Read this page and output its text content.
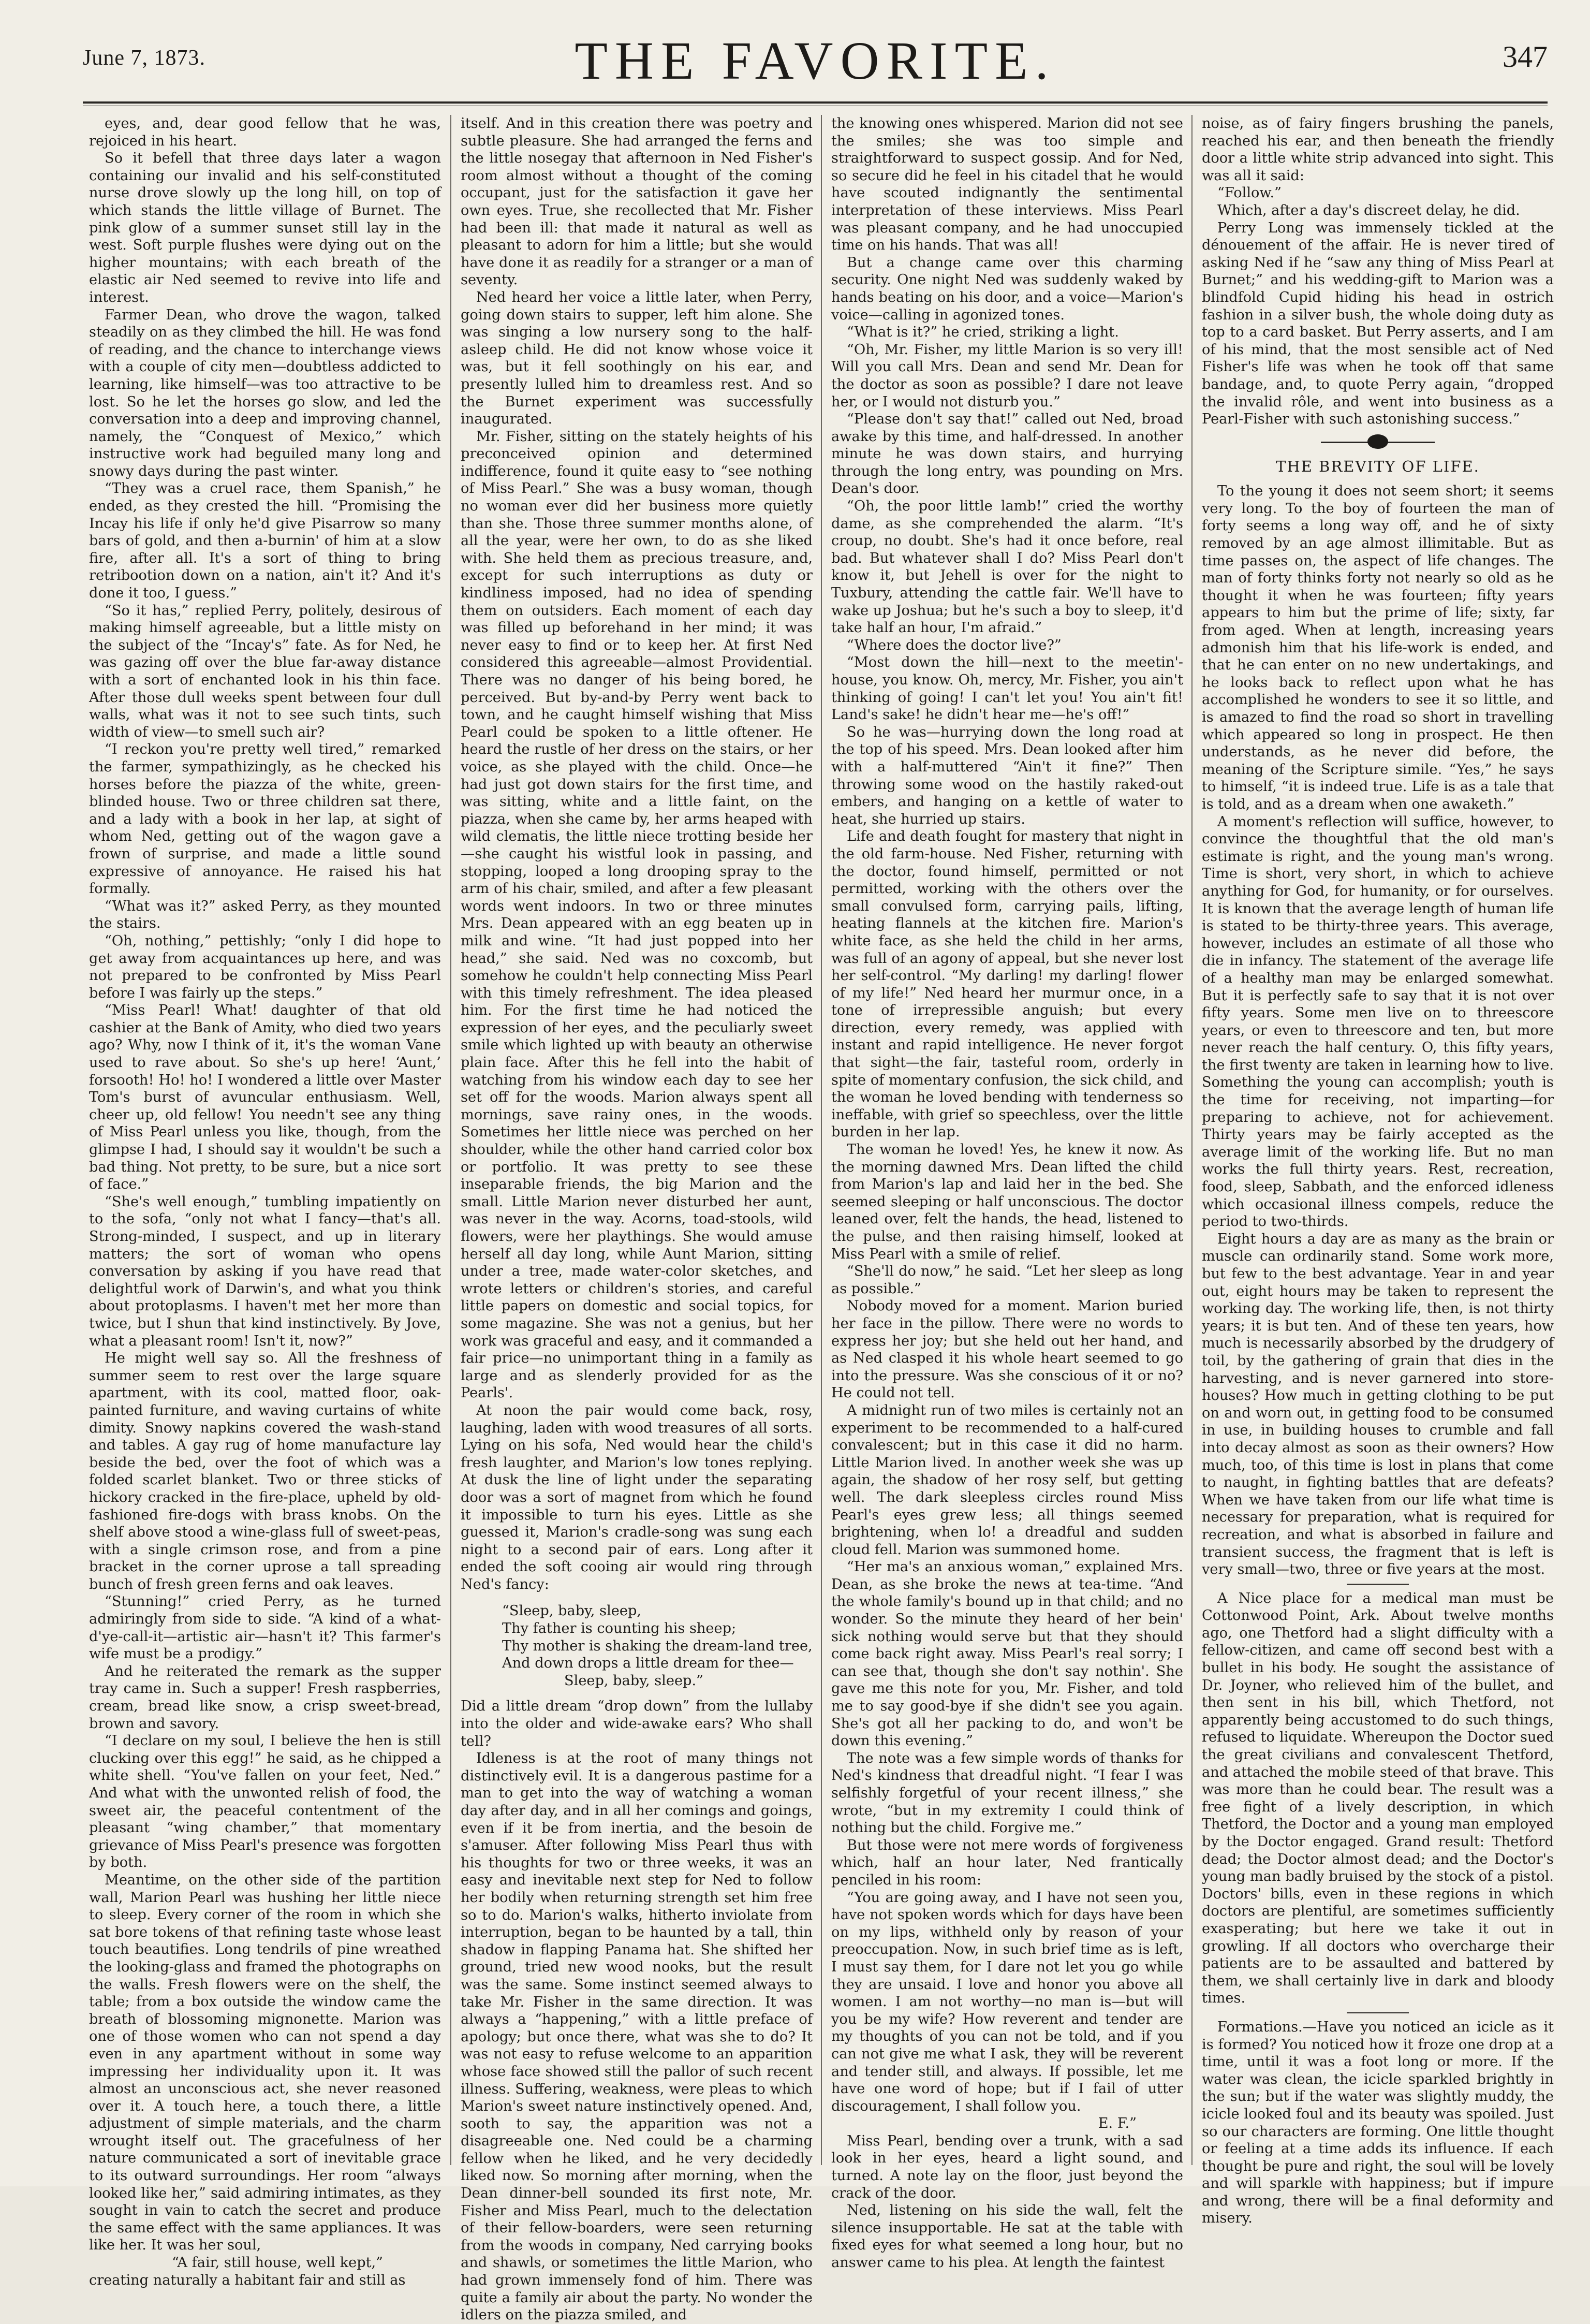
June 7, 1873.	THE FAVORITE.	347

eyes, and, dear good fellow that he was, rejoiced in his heart.

So it befell that three days later a wagon containing our invalid and his self-constituted nurse drove slowly up the long hill, on top of which stands the little village of Burnet. The pink glow of a summer sunset still lay in the west. Soft purple flushes were dying out on the higher mountains; with each breath of the elastic air Ned seemed to revive into life and interest.

Farmer Dean, who drove the wagon, talked steadily on as they climbed the hill. He was fond of reading, and the chance to interchange views with a couple of city men—doubtless addicted to learning, like himself—was too attractive to be lost. So he let the horses go slow, and led the conversation into a deep and improving channel, namely, the “Conquest of Mexico,” which instructive work had beguiled many long and snowy days during the past winter.

“They was a cruel race, them Spanish,” he ended, as they crested the hill. “Promising the Incay his life if only he'd give Pisarrow so many bars of gold, and then a-burnin' of him at a slow fire, after all. It's a sort of thing to bring retribootion down on a nation, ain't it? And it's done it too, I guess.”

“So it has,” replied Perry, politely, desirous of making himself agreeable, but a little misty on the subject of the “Incay's” fate. As for Ned, he was gazing off over the blue far-away distance with a sort of enchanted look in his thin face. After those dull weeks spent between four dull walls, what was it not to see such tints, such width of view—to smell such air?

“I reckon you're pretty well tired,” remarked the farmer, sympathizingly, as he checked his horses before the piazza of the white, green-blinded house. Two or three children sat there, and a lady with a book in her lap, at sight of whom Ned, getting out of the wagon gave a frown of surprise, and made a little sound expressive of annoyance. He raised his hat formally.

“What was it?” asked Perry, as they mounted the stairs.

“Oh, nothing,” pettishly; “only I did hope to get away from acquaintances up here, and was not prepared to be confronted by Miss Pearl before I was fairly up the steps.”

“Miss Pearl! What! daughter of that old cashier at the Bank of Amity, who died two years ago? Why, now I think of it, it's the woman Vane used to rave about. So she's up here! ‘Aunt,’ forsooth! Ho! ho! I wondered a little over Master Tom's burst of avuncular enthusiasm. Well, cheer up, old fellow! You needn't see any thing of Miss Pearl unless you like, though, from the glimpse I had, I should say it wouldn't be such a bad thing. Not pretty, to be sure, but a nice sort of face.”

“She's well enough,” tumbling impatiently on to the sofa, “only not what I fancy—that's all. Strong-minded, I suspect, and up in literary matters; the sort of woman who opens conversation by asking if you have read that delightful work of Darwin's, and what you think about protoplasms. I haven't met her more than twice, but I shun that kind instinctively. By Jove, what a pleasant room! Isn't it, now?”

He might well say so. All the freshness of summer seem to rest over the large square apartment, with its cool, matted floor, oak-painted furniture, and waving curtains of white dimity. Snowy napkins covered the wash-stand and tables. A gay rug of home manufacture lay beside the bed, over the foot of which was a folded scarlet blanket. Two or three sticks of hickory cracked in the fire-place, upheld by old-fashioned fire-dogs with brass knobs. On the shelf above stood a wine-glass full of sweet-peas, with a single crimson rose, and from a pine bracket in the corner uprose a tall spreading bunch of fresh green ferns and oak leaves.

“Stunning!” cried Perry, as he turned admiringly from side to side. “A kind of a what-d'ye-call-it—artistic air—hasn't it? This farmer's wife must be a prodigy.”

And he reiterated the remark as the supper tray came in. Such a supper! Fresh raspberries, cream, bread like snow, a crisp sweet-bread, brown and savory.

“I declare on my soul, I believe the hen is still clucking over this egg!” he said, as he chipped a white shell. “You've fallen on your feet, Ned.” And what with the unwonted relish of food, the sweet air, the peaceful contentment of the pleasant “wing chamber,” that momentary grievance of Miss Pearl's presence was forgotten by both.

Meantime, on the other side of the partition wall, Marion Pearl was hushing her little niece to sleep. Every corner of the room in which she sat bore tokens of that refining taste whose least touch beautifies. Long tendrils of pine wreathed the looking-glass and framed the photographs on the walls. Fresh flowers were on the shelf, the table; from a box outside the window came the breath of blossoming mignonette. Marion was one of those women who can not spend a day even in any apartment without in some way impressing her individuality upon it. It was almost an unconscious act, she never reasoned over it. A touch here, a touch there, a little adjustment of simple materials, and the charm wrought itself out. The gracefulness of her nature communicated a sort of inevitable grace to its outward surroundings. Her room “always looked like her,” said admiring intimates, as they sought in vain to catch the secret and produce the same effect with the same appliances. It was like her. It was her soul,

“A fair, still house, well kept,”

creating naturally a habitant fair and still as

itself. And in this creation there was poetry and subtle pleasure. She had arranged the ferns and the little nosegay that afternoon in Ned Fisher's room almost without a thought of the coming occupant, just for the satisfaction it gave her own eyes. True, she recollected that Mr. Fisher had been ill: that made it natural as well as pleasant to adorn for him a little; but she would have done it as readily for a stranger or a man of seventy.

Ned heard her voice a little later, when Perry, going down stairs to supper, left him alone. She was singing a low nursery song to the half-asleep child. He did not know whose voice it was, but it fell soothingly on his ear, and presently lulled him to dreamless rest. And so the Burnet experiment was successfully inaugurated.

Mr. Fisher, sitting on the stately heights of his preconceived opinion and determined indifference, found it quite easy to “see nothing of Miss Pearl.” She was a busy woman, though no woman ever did her business more quietly than she. Those three summer months alone, of all the year, were her own, to do as she liked with. She held them as precious treasure, and, except for such interruptions as duty or kindliness imposed, had no idea of spending them on outsiders. Each moment of each day was filled up beforehand in her mind; it was never easy to find or to keep her. At first Ned considered this agreeable—almost Providential. There was no danger of his being bored, he perceived. But by-and-by Perry went back to town, and he caught himself wishing that Miss Pearl could be spoken to a little oftener. He heard the rustle of her dress on the stairs, or her voice, as she played with the child. Once—he had just got down stairs for the first time, and was sitting, white and a little faint, on the piazza, when she came by, her arms heaped with wild clematis, the little niece trotting beside her—she caught his wistful look in passing, and stopping, looped a long drooping spray to the arm of his chair, smiled, and after a few pleasant words went indoors. In two or three minutes Mrs. Dean appeared with an egg beaten up in milk and wine. “It had just popped into her head,” she said. Ned was no coxcomb, but somehow he couldn't help connecting Miss Pearl with this timely refreshment. The idea pleased him. For the first time he had noticed the expression of her eyes, and the peculiarly sweet smile which lighted up with beauty an otherwise plain face. After this he fell into the habit of watching from his window each day to see her set off for the woods. Marion always spent all mornings, save rainy ones, in the woods. Sometimes her little niece was perched on her shoulder, while the other hand carried color box or portfolio. It was pretty to see these inseparable friends, the big Marion and the small. Little Marion never disturbed her aunt, was never in the way. Acorns, toad-stools, wild flowers, were her playthings. She would amuse herself all day long, while Aunt Marion, sitting under a tree, made water-color sketches, and wrote letters or children's stories, and careful little papers on domestic and social topics, for some magazine. She was not a genius, but her work was graceful and easy, and it commanded a fair price—no unimportant thing in a family as large and as slenderly provided for as the Pearls'.

At noon the pair would come back, rosy, laughing, laden with wood treasures of all sorts. Lying on his sofa, Ned would hear the child's fresh laughter, and Marion's low tones replying. At dusk the line of light under the separating door was a sort of magnet from which he found it impossible to turn his eyes. Little as she guessed it, Marion's cradle-song was sung each night to a second pair of ears. Long after it ended the soft cooing air would ring through Ned's fancy:

“Sleep, baby, sleep,
Thy father is counting his sheep;
Thy mother is shaking the dream-land tree,
And down drops a little dream for thee—

Sleep, baby, sleep.”

Did a little dream “drop down” from the lullaby into the older and wide-awake ears? Who shall tell?

Idleness is at the root of many things not distinctively evil. It is a dangerous pastime for a man to get into the way of watching a woman day after day, and in all her comings and goings, even if it be from inertia, and the besoin de s'amuser. After following Miss Pearl thus with his thoughts for two or three weeks, it was an easy and inevitable next step for Ned to follow her bodily when returning strength set him free so to do. Marion's walks, hitherto inviolate from interruption, began to be haunted by a tall, thin shadow in flapping Panama hat. She shifted her ground, tried new wood nooks, but the result was the same. Some instinct seemed always to take Mr. Fisher in the same direction. It was always a “happening,” with a little preface of apology; but once there, what was she to do? It was not easy to refuse welcome to an apparition whose face showed still the pallor of such recent illness. Suffering, weakness, were pleas to which Marion's sweet nature instinctively opened. And, sooth to say, the apparition was not a disagreeable one. Ned could be a charming fellow when he liked, and he very decidedly liked now. So morning after morning, when the Dean dinner-bell sounded its first note, Mr. Fisher and Miss Pearl, much to the delectation of their fellow-boarders, were seen returning from the woods in company, Ned carrying books and shawls, or sometimes the little Marion, who had grown immensely fond of him. There was quite a family air about the party. No wonder the idlers on the piazza smiled, and

the knowing ones whispered. Marion did not see the smiles; she was too simple and straightforward to suspect gossip. And for Ned, so secure did he feel in his citadel that he would have scouted indignantly the sentimental interpretation of these interviews. Miss Pearl was pleasant company, and he had unoccupied time on his hands. That was all!

But a change came over this charming security. One night Ned was suddenly waked by hands beating on his door, and a voice—Marion's voice—calling in agonized tones.

“What is it?” he cried, striking a light.

“Oh, Mr. Fisher, my little Marion is so very ill! Will you call Mrs. Dean and send Mr. Dean for the doctor as soon as possible? I dare not leave her, or I would not disturb you.”

“Please don't say that!” called out Ned, broad awake by this time, and half-dressed. In another minute he was down stairs, and hurrying through the long entry, was pounding on Mrs. Dean's door.

“Oh, the poor little lamb!” cried the worthy dame, as she comprehended the alarm. “It's croup, no doubt. She's had it once before, real bad. But whatever shall I do? Miss Pearl don't know it, but Jehell is over for the night to Tuxbury, attending the cattle fair. We'll have to wake up Joshua; but he's such a boy to sleep, it'd take half an hour, I'm afraid.”

“Where does the doctor live?”

“Most down the hill—next to the meetin'-house, you know. Oh, mercy, Mr. Fisher, you ain't thinking of going! I can't let you! You ain't fit! Land's sake! he didn't hear me—he's off!”

So he was—hurrying down the long road at the top of his speed. Mrs. Dean looked after him with a half-muttered “Ain't it fine?” Then throwing some wood on the hastily raked-out embers, and hanging on a kettle of water to heat, she hurried up stairs.

Life and death fought for mastery that night in the old farm-house. Ned Fisher, returning with the doctor, found himself, permitted or not permitted, working with the others over the small convulsed form, carrying pails, lifting, heating flannels at the kitchen fire. Marion's white face, as she held the child in her arms, was full of an agony of appeal, but she never lost her self-control. “My darling! my darling! flower of my life!” Ned heard her murmur once, in a tone of irrepressible anguish; but every direction, every remedy, was applied with instant and rapid intelligence. He never forgot that sight—the fair, tasteful room, orderly in spite of momentary confusion, the sick child, and the woman he loved bending with tenderness so ineffable, with grief so speechless, over the little burden in her lap.

The woman he loved! Yes, he knew it now. As the morning dawned Mrs. Dean lifted the child from Marion's lap and laid her in the bed. She seemed sleeping or half unconscious. The doctor leaned over, felt the hands, the head, listened to the pulse, and then raising himself, looked at Miss Pearl with a smile of relief.

“She'll do now,” he said. “Let her sleep as long as possible.”

Nobody moved for a moment. Marion buried her face in the pillow. There were no words to express her joy; but she held out her hand, and as Ned clasped it his whole heart seemed to go into the pressure. Was she conscious of it or no? He could not tell.

A midnight run of two miles is certainly not an experiment to be recommended to a half-cured convalescent; but in this case it did no harm. Little Marion lived. In another week she was up again, the shadow of her rosy self, but getting well. The dark sleepless circles round Miss Pearl's eyes grew less; all things seemed brightening, when lo! a dreadful and sudden cloud fell. Marion was summoned home.

“Her ma's an anxious woman,” explained Mrs. Dean, as she broke the news at tea-time. “And the whole family's bound up in that child; and no wonder. So the minute they heard of her bein' sick nothing would serve but that they should come back right away. Miss Pearl's real sorry; I can see that, though she don't say nothin'. She gave me this note for you, Mr. Fisher, and told me to say good-bye if she didn't see you again. She's got all her packing to do, and won't be down this evening.”

The note was a few simple words of thanks for Ned's kindness that dreadful night. “I fear I was selfishly forgetful of your recent illness,” she wrote, “but in my extremity I could think of nothing but the child. Forgive me.”

But those were not mere words of forgiveness which, half an hour later, Ned frantically penciled in his room:

“You are going away, and I have not seen you, have not spoken words which for days have been on my lips, withheld only by reason of your preoccupation. Now, in such brief time as is left, I must say them, for I dare not let you go while they are unsaid. I love and honor you above all women. I am not worthy—no man is—but will you be my wife? How reverent and tender are my thoughts of you can not be told, and if you can not give me what I ask, they will be reverent and tender still, and always. If possible, let me have one word of hope; but if I fail of utter discouragement, I shall follow you.

E. F.”

Miss Pearl, bending over a trunk, with a sad look in her eyes, heard a light sound, and turned. A note lay on the floor, just beyond the crack of the door.

Ned, listening on his side the wall, felt the silence insupportable. He sat at the table with fixed eyes for what seemed a long hour, but no answer came to his plea. At length the faintest

noise, as of fairy fingers brushing the panels, reached his ear, and then beneath the friendly door a little white strip advanced into sight. This was all it said:

“Follow.”

Which, after a day's discreet delay, he did.

Perry Long was immensely tickled at the dénouement of the affair. He is never tired of asking Ned if he “saw any thing of Miss Pearl at Burnet;” and his wedding-gift to Marion was a blindfold Cupid hiding his head in ostrich fashion in a silver bush, the whole doing duty as top to a card basket. But Perry asserts, and I am of his mind, that the most sensible act of Ned Fisher's life was when he took off that same bandage, and, to quote Perry again, “dropped the invalid rôle, and went into business as a Pearl-Fisher with such astonishing success.”

THE BREVITY OF LIFE.

To the young it does not seem short; it seems very long. To the boy of fourteen the man of forty seems a long way off, and he of sixty removed by an age almost illimitable. But as time passes on, the aspect of life changes. The man of forty thinks forty not nearly so old as he thought it when he was fourteen; fifty years appears to him but the prime of life; sixty, far from aged. When at length, increasing years admonish him that his life-work is ended, and that he can enter on no new undertakings, and he looks back to reflect upon what he has accomplished he wonders to see it so little, and is amazed to find the road so short in travelling which appeared so long in prospect. He then understands, as he never did before, the meaning of the Scripture simile. “Yes,” he says to himself, “it is indeed true. Life is as a tale that is told, and as a dream when one awaketh.”

A moment's reflection will suffice, however, to convince the thoughtful that the old man's estimate is right, and the young man's wrong. Time is short, very short, in which to achieve anything for God, for humanity, or for ourselves. It is known that the average length of human life is stated to be thirty-three years. This average, however, includes an estimate of all those who die in infancy. The statement of the average life of a healthy man may be enlarged somewhat. But it is perfectly safe to say that it is not over fifty years. Some men live on to threescore years, or even to threescore and ten, but more never reach the half century. O, this fifty years, the first twenty are taken in learning how to live. Something the young can accomplish; youth is the time for receiving, not imparting—for preparing to achieve, not for achievement. Thirty years may be fairly accepted as the average limit of the working life. But no man works the full thirty years. Rest, recreation, food, sleep, Sabbath, and the enforced idleness which occasional illness compels, reduce the period to two-thirds.

Eight hours a day are as many as the brain or muscle can ordinarily stand. Some work more, but few to the best advantage. Year in and year out, eight hours may be taken to represent the working day. The working life, then, is not thirty years; it is but ten. And of these ten years, how much is necessarily absorbed by the drudgery of toil, by the gathering of grain that dies in the harvesting, and is never garnered into store-houses? How much in getting clothing to be put on and worn out, in getting food to be consumed in use, in building houses to crumble and fall into decay almost as soon as their owners? How much, too, of this time is lost in plans that come to naught, in fighting battles that are defeats? When we have taken from our life what time is necessary for preparation, what is required for recreation, and what is absorbed in failure and transient success, the fragment that is left is very small—two, three or five years at the most.

A Nice place for a medical man must be Cottonwood Point, Ark. About twelve months ago, one Thetford had a slight difficulty with a fellow-citizen, and came off second best with a bullet in his body. He sought the assistance of Dr. Joyner, who relieved him of the bullet, and then sent in his bill, which Thetford, not apparently being accustomed to do such things, refused to liquidate. Whereupon the Doctor sued the great civilians and convalescent Thetford, and attached the mobile steed of that brave. This was more than he could bear. The result was a free fight of a lively description, in which Thetford, the Doctor and a young man employed by the Doctor engaged. Grand result: Thetford dead; the Doctor almost dead; and the Doctor's young man badly bruised by the stock of a pistol. Doctors' bills, even in these regions in which doctors are plentiful, are sometimes sufficiently exasperating; but here we take it out in growling. If all doctors who overcharge their patients are to be assaulted and battered by them, we shall certainly live in dark and bloody times.

Formations.—Have you noticed an icicle as it is formed? You noticed how it froze one drop at a time, until it was a foot long or more. If the water was clean, the icicle sparkled brightly in the sun; but if the water was slightly muddy, the icicle looked foul and its beauty was spoiled. Just so our characters are forming. One little thought or feeling at a time adds its influence. If each thought be pure and right, the soul will be lovely and will sparkle with happiness; but if impure and wrong, there will be a final deformity and misery.
